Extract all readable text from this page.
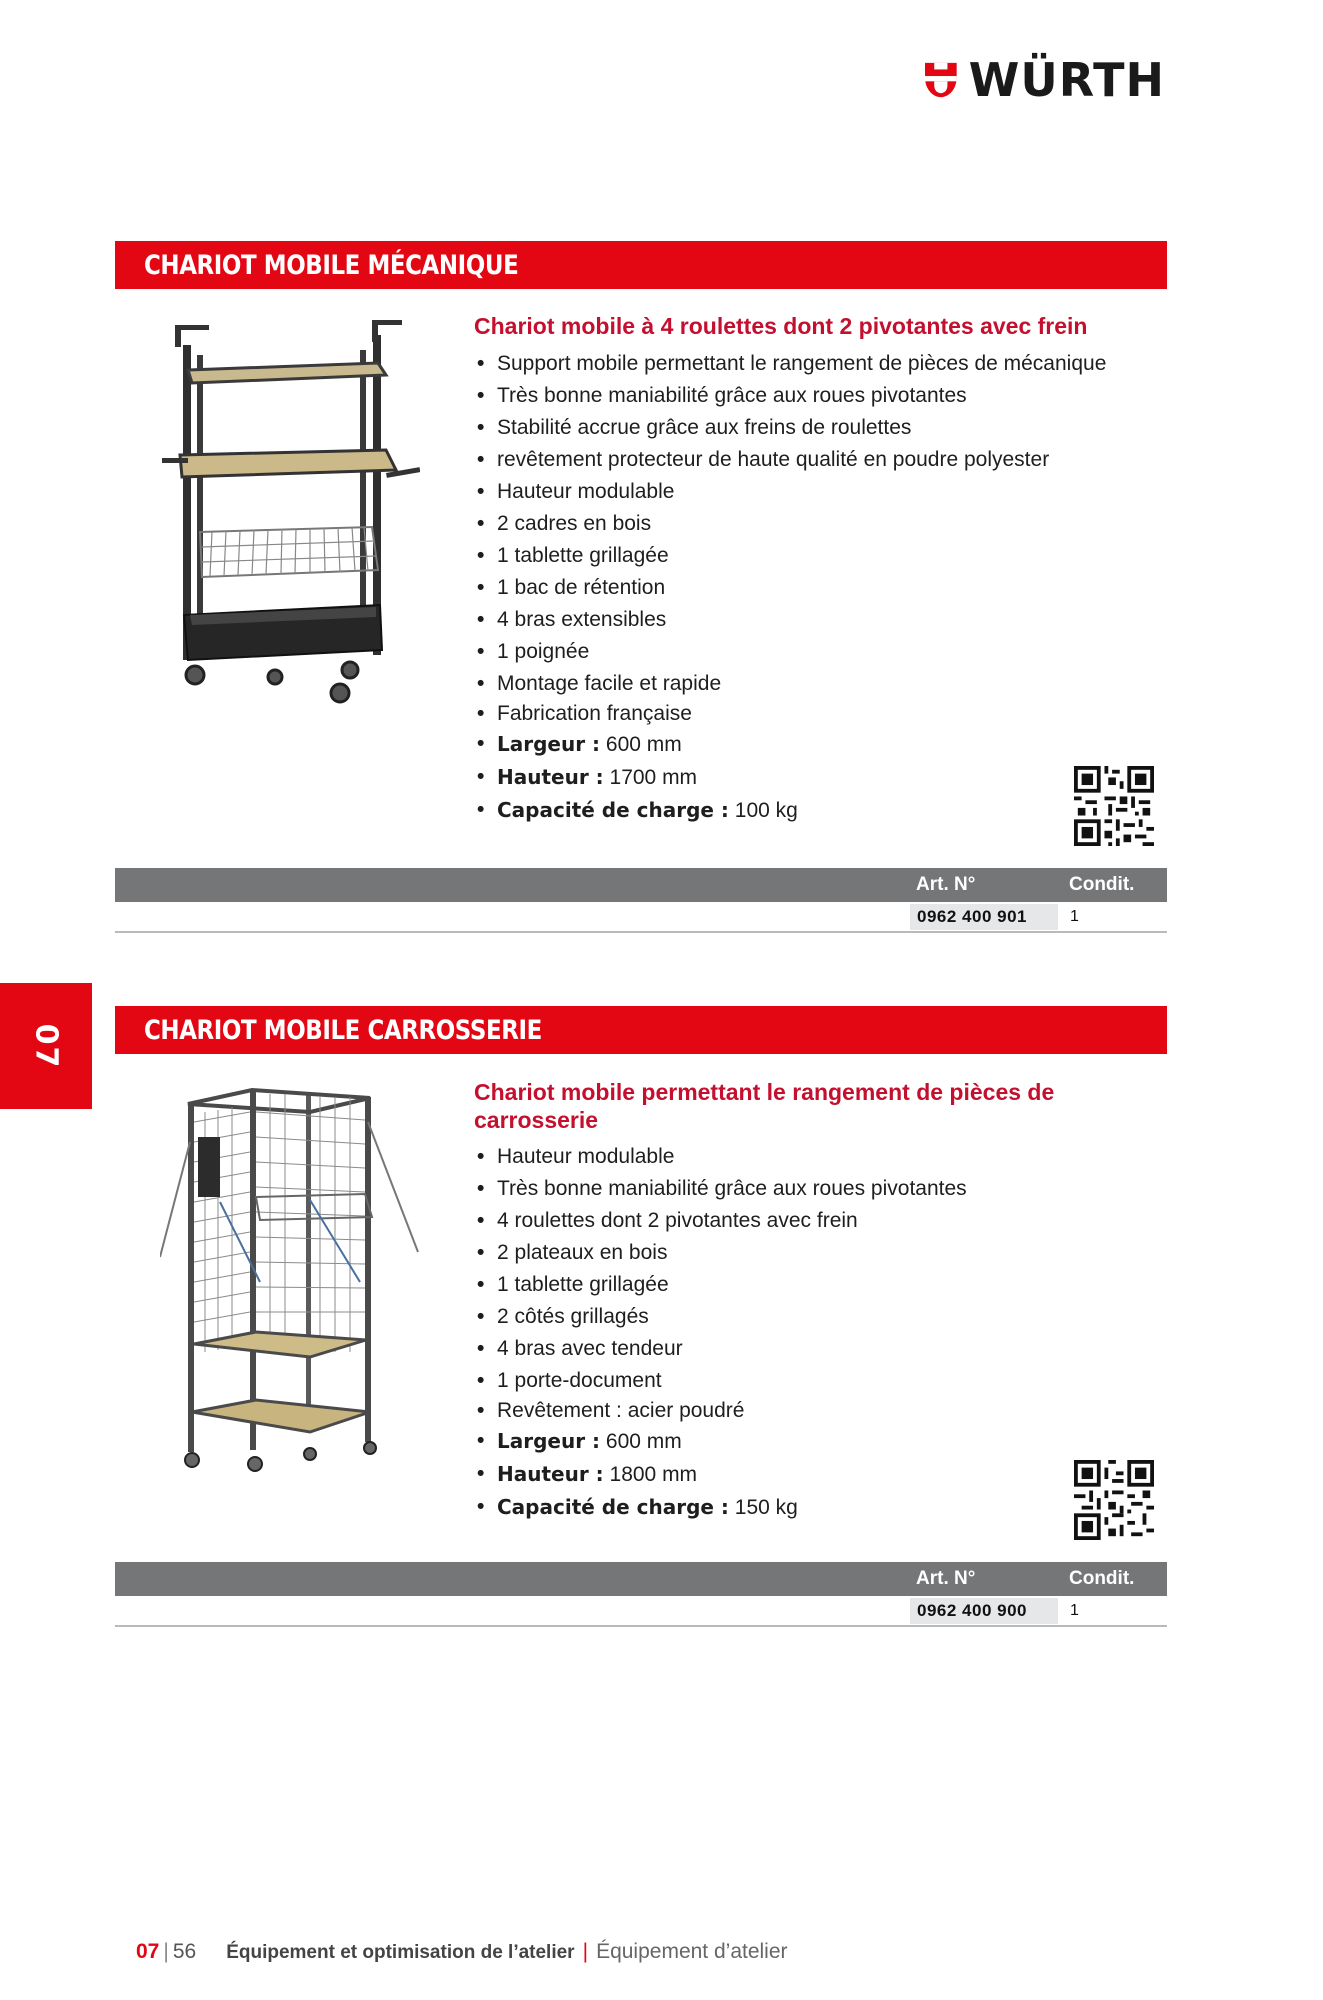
WÜRTH
CHARIOT MOBILE MÉCANIQUE
Chariot mobile à 4 roulettes dont 2 pivotantes avec frein
• Support mobile permettant le rangement de pièces de mécanique
• Très bonne maniabilité grâce aux roues pivotantes
• Stabilité accrue grâce aux freins de roulettes
• revêtement protecteur de haute qualité en poudre polyester
• Hauteur modulable
• 2 cadres en bois
• 1 tablette grillagée
• 1 bac de rétention
• 4 bras extensibles
• 1 poignée
• Montage facile et rapide
• Fabrication française
• Largeur : 600 mm
• Hauteur : 1700 mm
• Capacité de charge : 100 kg
Art. N°	Condit.
0962 400 901	1
07	CHARIOT MOBILE CARROSSERIE
Chariot mobile permettant le rangement de pièces de carrosserie
• Hauteur modulable
• Très bonne maniabilité grâce aux roues pivotantes
• 4 roulettes dont 2 pivotantes avec frein
• 2 plateaux en bois
• 1 tablette grillagée
• 2 côtés grillagés
• 4 bras avec tendeur
• 1 porte-document
• Revêtement : acier poudré
• Largeur : 600 mm
• Hauteur : 1800 mm
• Capacité de charge : 150 kg
Art. N°	Condit.
0962 400 900	1
07 | 56 Équipement et optimisation de l’atelier | Équipement d’atelier
